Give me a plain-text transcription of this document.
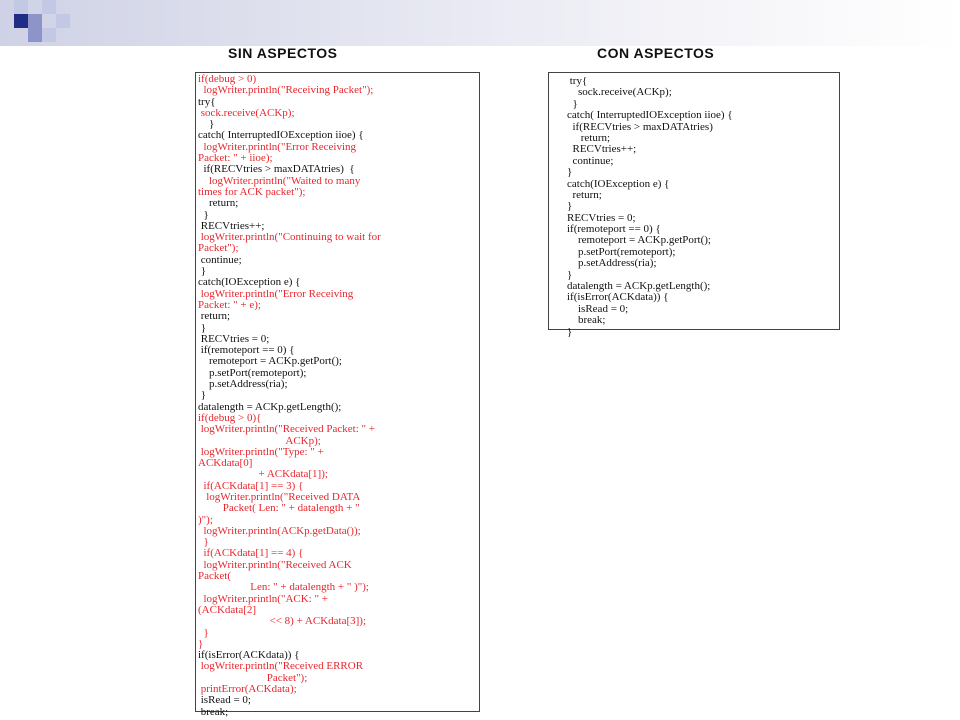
SIN ASPECTOS	CON ASPECTOS
if(debug > 0)
logWriter.println("Receiving Packet");
try{
sock.receive(ACKp);
}
catch( InterruptedIOException iioe) {
logWriter.println("Error Receiving
Packet: " + iioe);
if(RECVtries > maxDATAtries)  {
logWriter.println("Waited to many
times for ACK packet");
return;
}
RECVtries++;
logWriter.println("Continuing to wait for
Packet");
continue;
}
catch(IOException e) {
logWriter.println("Error Receiving
Packet: " + e);
return;
}
RECVtries = 0;
if(remoteport == 0) {
remoteport = ACKp.getPort();
p.setPort(remoteport);
p.setAddress(ria);
}
datalength = ACKp.getLength();
if(debug > 0){
logWriter.println("Received Packet: " +
ACKp);
logWriter.println("Type: " +
ACKdata[0]
+ ACKdata[1]);
if(ACKdata[1] == 3) {
logWriter.println("Received DATA
Packet( Len: " + datalength + "
)");
logWriter.println(ACKp.getData());
}
if(ACKdata[1] == 4) {
logWriter.println("Received ACK
Packet(
Len: " + datalength + " )");
logWriter.println("ACK: " +
(ACKdata[2]
<< 8) + ACKdata[3]);
}
}
if(isError(ACKdata)) {
logWriter.println("Received ERROR
Packet");
printError(ACKdata);
isRead = 0;
break;
try{
sock.receive(ACKp);
}
catch( InterruptedIOException iioe) {
if(RECVtries > maxDATAtries)
return;
RECVtries++;
continue;
}
catch(IOException e) {
return;
}
RECVtries = 0;
if(remoteport == 0) {
remoteport = ACKp.getPort();
p.setPort(remoteport);
p.setAddress(ria);
}
datalength = ACKp.getLength();
if(isError(ACKdata)) {
isRead = 0;
break;
}
